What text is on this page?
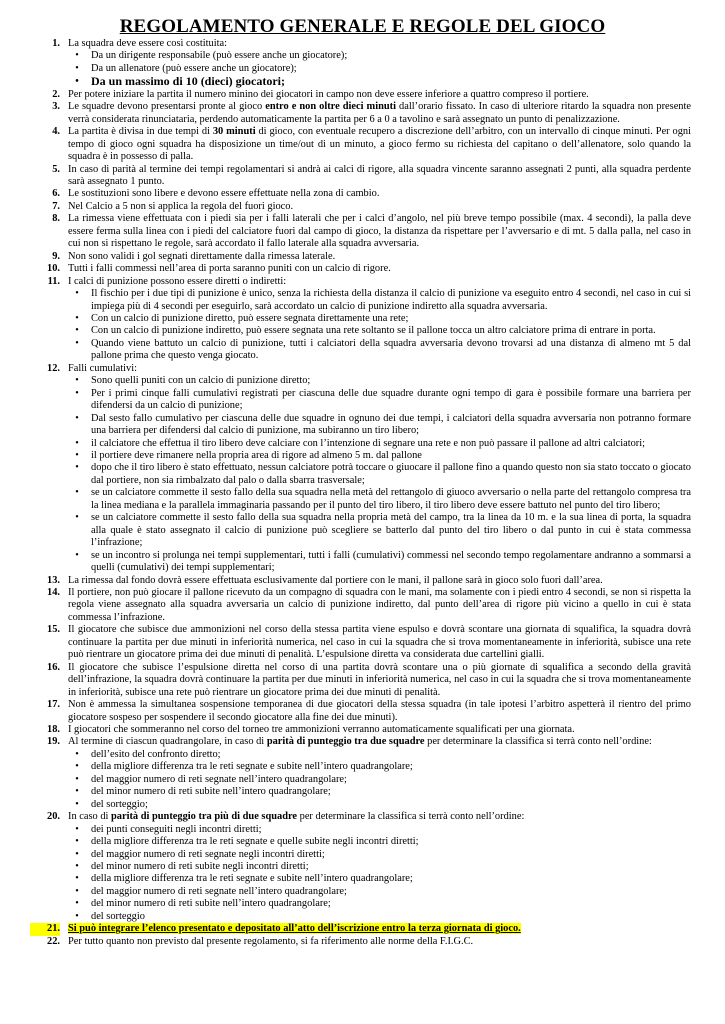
REGOLAMENTO GENERALE E REGOLE DEL GIOCO
1. La squadra deve essere così costituita:
•	Da un dirigente responsabile (può essere anche un giocatore);
•	Da un allenatore (può essere anche un giocatore);
• Da un massimo di 10 (dieci) giocatori;
2. Per potere iniziare la partita il numero minino dei giocatori in campo non deve essere inferiore a quattro compreso il portiere.
3. Le squadre devono presentarsi pronte al gioco entro e non oltre dieci minuti dall’orario fissato. In caso di ulteriore ritardo la squadra non presente verrà considerata rinunciataria, perdendo automaticamente la partita per 6 a 0 a tavolino e sarà assegnato un punto di penalizzazione.
4. La partita è divisa in due tempi di 30 minuti di gioco, con eventuale recupero a discrezione dell’arbitro, con un intervallo di cinque minuti. Per ogni tempo di gioco ogni squadra ha disposizione un time/out di un minuto, a gioco fermo su richiesta del capitano o dell’allenatore, solo quando la squadra è in possesso di palla.
5. In caso di parità al termine dei tempi regolamentari si andrà ai calci di rigore, alla squadra vincente saranno assegnati 2 punti, alla squadra perdente sarà assegnato 1 punto.
6. Le sostituzioni sono libere e devono essere effettuate nella zona di cambio.
7. Nel Calcio a 5 non si applica la regola del fuori gioco.
8. La rimessa viene effettuata con i piedi sia per i falli laterali che per i calci d’angolo, nel più breve tempo possibile (max. 4 secondi), la palla deve essere ferma sulla linea con i piedi del calciatore fuori dal campo di gioco, la distanza da rispettare per l’avversario e di mt. 5 dalla palla, nel caso in cui non si rispettano le regole, sarà accordato il fallo laterale alla squadra avversaria.
9. Non sono validi i gol segnati direttamente dalla rimessa laterale.
10. Tutti i falli commessi nell’area di porta saranno puniti con un calcio di rigore.
11. I calci di punizione possono essere diretti o indiretti:
•	Il fischio per i due tipi di punizione è unico, senza la richiesta della distanza il calcio di punizione va eseguito entro 4 secondi, nel caso in cui si impiega più di 4 secondi per eseguirlo, sarà accordato un calcio di punizione indiretto alla squadra avversaria.
•	Con un calcio di punizione diretto, può essere segnata direttamente una rete;
•	Con un calcio di punizione indiretto, può essere segnata una rete soltanto se il pallone tocca un altro calciatore prima di entrare in porta.
•	Quando viene battuto un calcio di punizione, tutti i calciatori della squadra avversaria devono trovarsi ad una distanza di almeno mt 5 dal pallone prima che questo venga giocato.
12. Falli cumulativi:
•	Sono quelli puniti con un calcio di punizione diretto;
•	Per i primi cinque falli cumulativi registrati per ciascuna delle due squadre durante ogni tempo di gara è possibile formare una barriera per difendersi da un calcio di punizione;
•	Dal sesto fallo cumulativo per ciascuna delle due squadre in ognuno dei due tempi, i calciatori della squadra avversaria non potranno formare una barriera per difendersi dal calcio di punizione, ma subiranno un tiro libero;
•	il calciatore che effettua il tiro libero deve calciare con l’intenzione di segnare una rete e non può passare il pallone ad altri calciatori;
•	il portiere deve rimanere nella propria area di rigore ad almeno 5 m. dal pallone
•	dopo che il tiro libero è stato effettuato, nessun calciatore potrà toccare o giuocare il pallone fino a quando questo non sia stato toccato o giocato dal portiere, non sia rimbalzato dal palo o dalla sbarra trasversale;
•	se un calciatore commette il sesto fallo della sua squadra nella metà del rettangolo di giuoco avversario o nella parte del rettangolo compresa tra la linea mediana e la parallela immaginaria passando per il punto del tiro libero, il tiro libero deve essere battuto nel punto del tiro libero;
•	se un calciatore commette il sesto fallo della sua squadra nella propria metà del campo, tra la linea da 10 m. e la sua linea di porta, la squadra alla quale è stato assegnato il calcio di punizione può scegliere se batterlo dal punto del tiro libero o dal punto in cui è stata commessa l’infrazione;
•	se un incontro si prolunga nei tempi supplementari, tutti i falli (cumulativi) commessi nel secondo tempo regolamentare andranno a sommarsi a quelli (cumulativi) dei tempi supplementari;
13. La rimessa dal fondo dovrà essere effettuata esclusivamente dal portiere con le mani, il pallone sarà in gioco solo fuori dall’area.
14. Il portiere, non può giocare il pallone ricevuto da un compagno di squadra con le mani, ma solamente con i piedi entro 4 secondi, se non si rispetta la regola viene assegnato alla squadra avversaria un calcio di punizione indiretto, dal punto dell’area di rigore più vicino a quello in cui è stata commessa l’infrazione.
15. Il giocatore che subisce due ammonizioni nel corso della stessa partita viene espulso e dovrà scontare una giornata di squalifica, la squadra dovrà continuare la partita per due minuti in inferiorità numerica, nel caso in cui la squadra che si trova momentaneamente in inferiorità, subisce una rete può rientrare un giocatore prima dei due minuti di penalità. L’espulsione diretta va considerata due cartellini gialli.
16. Il giocatore che subisce l’espulsione diretta nel corso di una partita dovrà scontare una o più giornate di squalifica a secondo della gravità dell’infrazione, la squadra dovrà continuare la partita per due minuti in inferiorità numerica, nel caso in cui la squadra che si trova momentaneamente in inferiorità, subisce una rete può rientrare un giocatore prima dei due minuti di penalità.
17. Non è ammessa la simultanea sospensione temporanea di due giocatori della stessa squadra (in tale ipotesi l’arbitro aspetterà il rientro del primo giocatore sospeso per sospendere il secondo giocatore alla fine dei due minuti).
18. I giocatori che sommeranno nel corso del torneo tre ammonizioni verranno automaticamente squalificati per una giornata.
19. Al termine di ciascun quadrangolare, in caso di parità di punteggio tra due squadre per determinare la classifica si terrà conto nell’ordine:
•	dell’esito del confronto diretto;
•	della migliore differenza tra le reti segnate e subite nell’intero quadrangolare;
•	del maggior numero di reti segnate nell’intero quadrangolare;
•	del minor numero di reti subite nell’intero quadrangolare;
•	del sorteggio;
20. In caso di parità di punteggio tra più di due squadre per determinare la classifica si terrà conto nell’ordine:
•	dei punti conseguiti negli incontri diretti;
•	della migliore differenza tra le reti segnate e quelle subite negli incontri diretti;
•	del maggior numero di reti segnate negli incontri diretti;
•	del minor numero di reti subite negli incontri diretti;
•	della migliore differenza tra le reti segnate e subite nell’intero quadrangolare;
•	del maggior numero di reti segnate nell’intero quadrangolare;
•	del minor numero di reti subite nell’intero quadrangolare;
•	del sorteggio
21. Si può integrare l’elenco presentato e depositato all’atto dell’iscrizione entro la terza giornata di gioco.
22. Per tutto quanto non previsto dal presente regolamento, si fa riferimento alle norme della F.I.G.C.
